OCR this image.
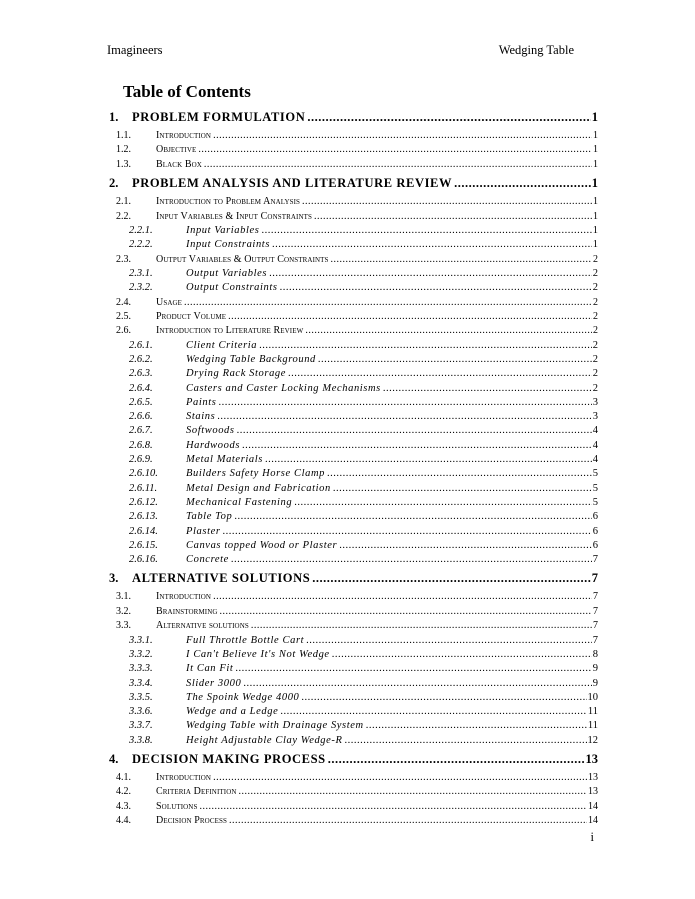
Imagineers	Wedging Table
Table of Contents
1.	PROBLEM FORMULATION .....	1
1.1.	Introduction .....	1
1.2.	Objective .....	1
1.3.	Black Box .....	1
2.	PROBLEM ANALYSIS AND LITERATURE REVIEW .....	1
2.1.	Introduction to Problem Analysis .....	1
2.2.	Input Variables & Input Constraints .....	1
2.2.1.	Input Variables .....	1
2.2.2.	Input Constraints .....	1
2.3.	Output Variables & Output Constraints .....	2
2.3.1.	Output Variables .....	2
2.3.2.	Output Constraints .....	2
2.4.	Usage .....	2
2.5.	Product Volume .....	2
2.6.	Introduction to Literature Review .....	2
2.6.1.	Client Criteria .....	2
2.6.2.	Wedging Table Background .....	2
2.6.3.	Drying Rack Storage .....	2
2.6.4.	Casters and Caster Locking Mechanisms .....	2
2.6.5.	Paints .....	3
2.6.6.	Stains .....	3
2.6.7.	Softwoods .....	4
2.6.8.	Hardwoods .....	4
2.6.9.	Metal Materials .....	4
2.6.10.	Builders Safety Horse Clamp .....	5
2.6.11.	Metal Design and Fabrication .....	5
2.6.12.	Mechanical Fastening .....	5
2.6.13.	Table Top .....	6
2.6.14.	Plaster .....	6
2.6.15.	Canvas topped Wood or Plaster .....	6
2.6.16.	Concrete .....	7
3.	ALTERNATIVE SOLUTIONS .....	7
3.1.	Introduction .....	7
3.2.	Brainstorming .....	7
3.3.	Alternative solutions .....	7
3.3.1.	Full Throttle Bottle Cart .....	7
3.3.2.	I Can't Believe It's Not Wedge .....	8
3.3.3.	It Can Fit .....	9
3.3.4.	Slider 3000 .....	9
3.3.5.	The Spoink Wedge 4000 .....	10
3.3.6.	Wedge and a Ledge .....	11
3.3.7.	Wedging Table with Drainage System .....	11
3.3.8.	Height Adjustable Clay Wedge-R .....	12
4.	DECISION MAKING PROCESS .....	13
4.1.	Introduction .....	13
4.2.	Criteria Definition .....	13
4.3.	Solutions .....	14
4.4.	Decision Process .....	14
i
